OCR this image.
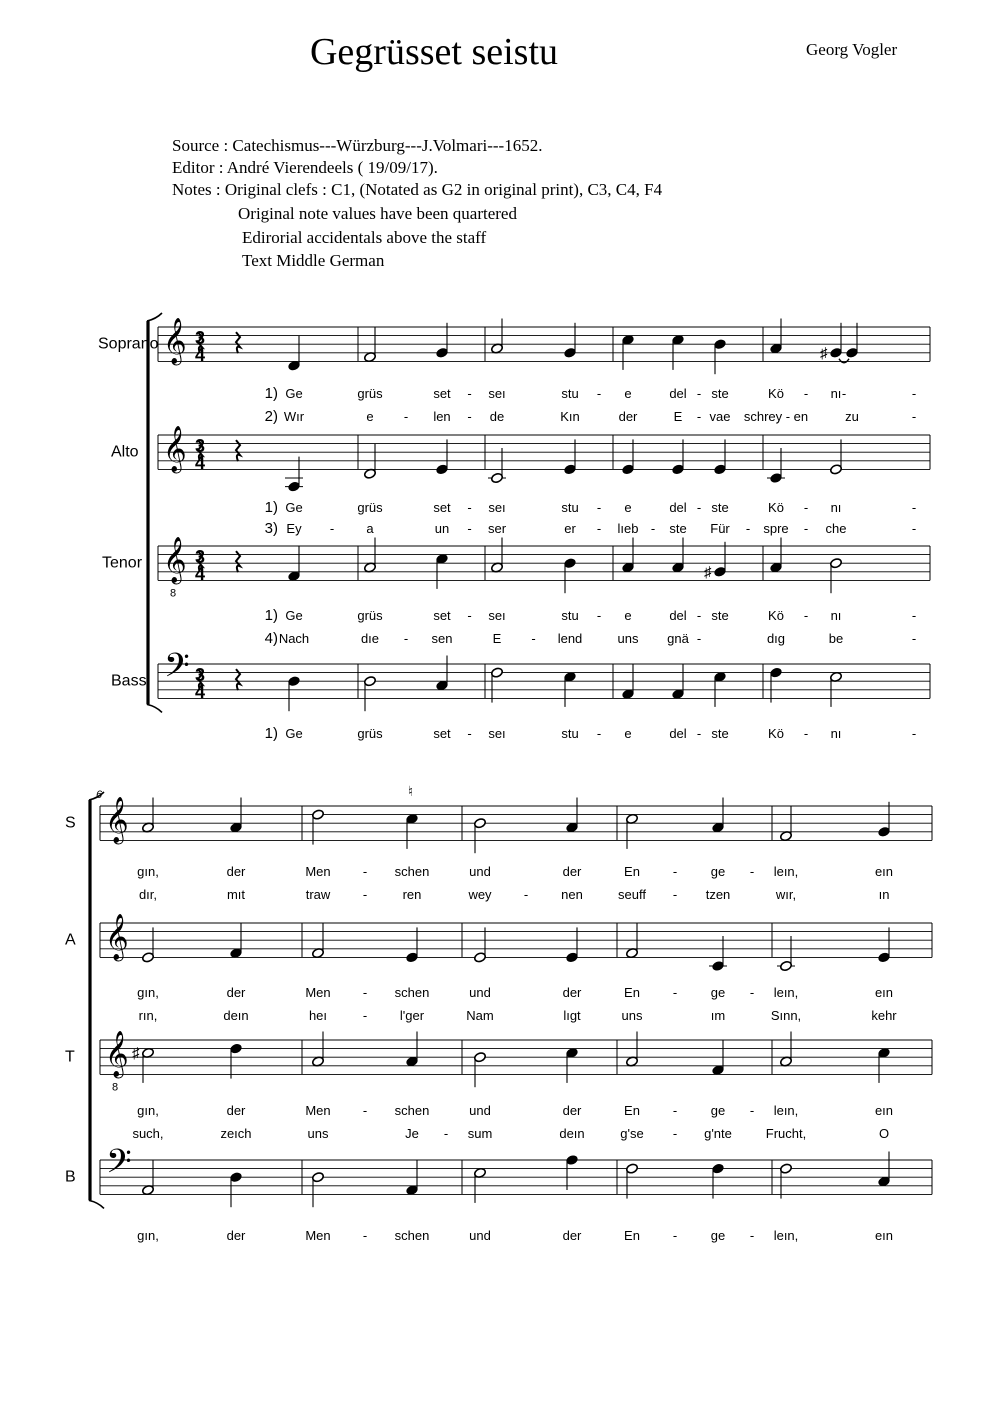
Gegrüsset seistu	Georg Vogler
Source : Catechismus---Würzburg---J.Volmari---1652.
Editor : André Vierendeels ( 19/09/17).
Notes : Original clefs : C1, (Notated as G2 in original print), C3, C4, F4
Original note values have been quartered
Edirorial accidentals above the staff
Text Middle German
Soprano 𝄞 3
4	♯
1) Ge	grüs	set - seı	stu - e	del - ste	Kö - nı -	-
2) Wır	e - len - de	Kın	der	E - vae schrey - en	zu	-
Alto 𝄞 3
4
1) Ge	grüs	set - seı	stu - e	del - ste	Kö - nı	-
3) Ey - a	un - ser	er - lıeb - ste Für - spre - che	-
Tenor 𝄞
8
3
4	♯
1) Ge	grüs	set - seı	stu - e	del - ste	Kö - nı	-
4) Nach	dıe - sen	E - lend	uns gnä -	dıg	be	-
Bass 𝄢 3
4
1) Ge	grüs	set - seı	stu - e	del - ste	Kö - nı	-
6
S 𝄞
♮
gın,	der	Men - schen	und	der	En	-	ge - leın,	eın
dır,	mıt	traw	-	ren	wey -	nen	seuff - tzen	wır,	ın
A 𝄞
gın,	der	Men - schen	und	der	En	-	ge - leın,	eın
rın,	deın	heı	-	l'ger	Nam	lıgt	uns	ım	Sınn,	kehr
T 𝄞
8
♯
gın,	der	Men - schen	und	der	En	-	ge - leın,	eın
such,	zeıch	uns	Je - sum	deın	g'se - g'nte	Frucht,	O
B 𝄢
gın,	der	Men - schen	und	der	En	-	ge - leın,	eın
